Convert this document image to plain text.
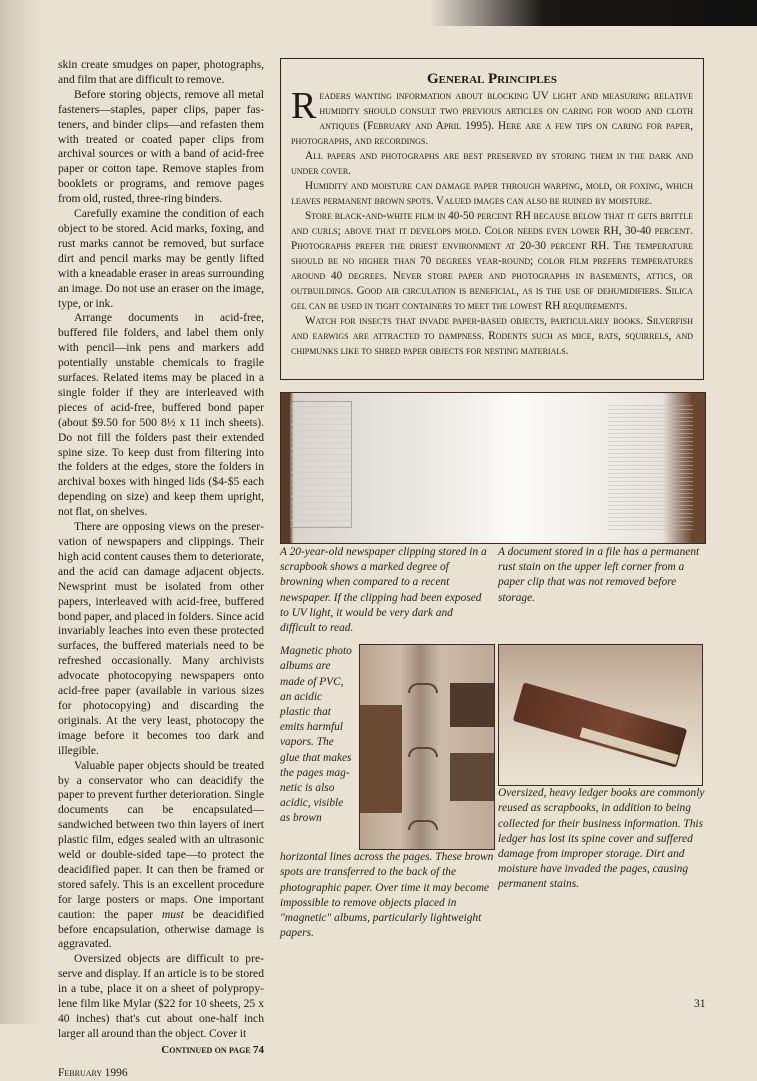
skin create smudges on paper, photographs, and film that are difficult to remove.

Before storing objects, remove all metal fasteners—staples, paper clips, paper fasteners, and binder clips—and refasten them with treated or coated paper clips from archival sources or with a band of acid-free paper or cotton tape. Remove staples from booklets or programs, and remove pages from old, rusted, three-ring binders.

Carefully examine the condition of each object to be stored. Acid marks, foxing, and rust marks cannot be removed, but surface dirt and pencil marks may be gently lifted with a kneadable eraser in areas surrounding an image. Do not use an eraser on the image, type, or ink.

Arrange documents in acid-free, buffered file folders, and label them only with pencil—ink pens and markers add potentially unstable chemicals to fragile surfaces. Related items may be placed in a single folder if they are interleaved with pieces of acid-free, buffered bond paper (about $9.50 for 500 8½ x 11 inch sheets). Do not fill the folders past their extended spine size. To keep dust from filtering into the folders at the edges, store the folders in archival boxes with hinged lids ($4-$5 each depending on size) and keep them upright, not flat, on shelves.

There are opposing views on the preservation of newspapers and clippings. Their high acid content causes them to deteriorate, and the acid can damage adjacent objects. Newsprint must be isolated from other papers, interleaved with acid-free, buffered bond paper, and placed in folders. Since acid invariably leaches into even these protected surfaces, the buffered materials need to be refreshed occasionally. Many archivists advocate photocopying newspapers onto acid-free paper (available in various sizes for photocopying) and discarding the originals. At the very least, photocopy the image before it becomes too dark and illegible.

Valuable paper objects should be treated by a conservator who can deacidify the paper to prevent further deterioration. Single documents can be encapsulated—sandwiched between two thin layers of inert plastic film, edges sealed with an ultrasonic weld or double-sided tape—to protect the deacidified paper. It can then be framed or stored safely. This is an excellent procedure for large posters or maps. One important caution: the paper must be deacidified before encapsulation, otherwise damage is aggravated.

Oversized objects are difficult to preserve and display. If an article is to be stored in a tube, place it on a sheet of polypropylene film like Mylar ($22 for 10 sheets, 25 x 40 inches) that's cut about one-half inch larger all around than the object. Cover it

Continued on page 74
February 1996
General Principles

Readers wanting information about blocking UV light and measuring relative humidity should consult two previous articles on caring for wood and cloth antiques (February and April 1995). Here are a few tips on caring for paper, photographs, and recordings.

All papers and photographs are best preserved by storing them in the dark and under cover.

Humidity and moisture can damage paper through warping, mold, or foxing, which leaves permanent brown spots. Valued images can also be ruined by moisture.

Store black-and-white film in 40-50 percent RH because below that it gets brittle and curls; above that it develops mold. Color needs even lower RH, 30-40 percent. Photographs prefer the driest environment at 20-30 percent RH. The temperature should be no higher than 70 degrees year-round; color film prefers temperatures around 40 degrees. Never store paper and photographs in basements, attics, or outbuildings. Good air circulation is beneficial, as is the use of dehumidifiers. Silica gel can be used in tight containers to meet the lowest RH requirements.

Watch for insects that invade paper-based objects, particularly books. Silverfish and earwigs are attracted to dampness. Rodents such as mice, rats, squirrels, and chipmunks like to shred paper objects for nesting materials.

A 20-year-old newspaper clipping stored in a scrapbook shows a marked degree of browning when compared to a recent newspaper. If the clipping had been exposed to UV light, it would be very dark and difficult to read.
A document stored in a file has a permanent rust stain on the upper left corner from a paper clip that was not removed before storage.
Magnetic photo albums are made of PVC, an acidic plastic that emits harmful vapors. The glue that makes the pages magnetic is also acidic, visible as brown
horizontal lines across the pages. These brown spots are transferred to the back of the photographic paper. Over time it may become impossible to remove objects placed in "magnetic" albums, particularly lightweight papers.
Oversized, heavy ledger books are commonly reused as scrapbooks, in addition to being collected for their business information. This ledger has lost its spine cover and suffered damage from improper storage. Dirt and moisture have invaded the pages, causing permanent stains.
31
